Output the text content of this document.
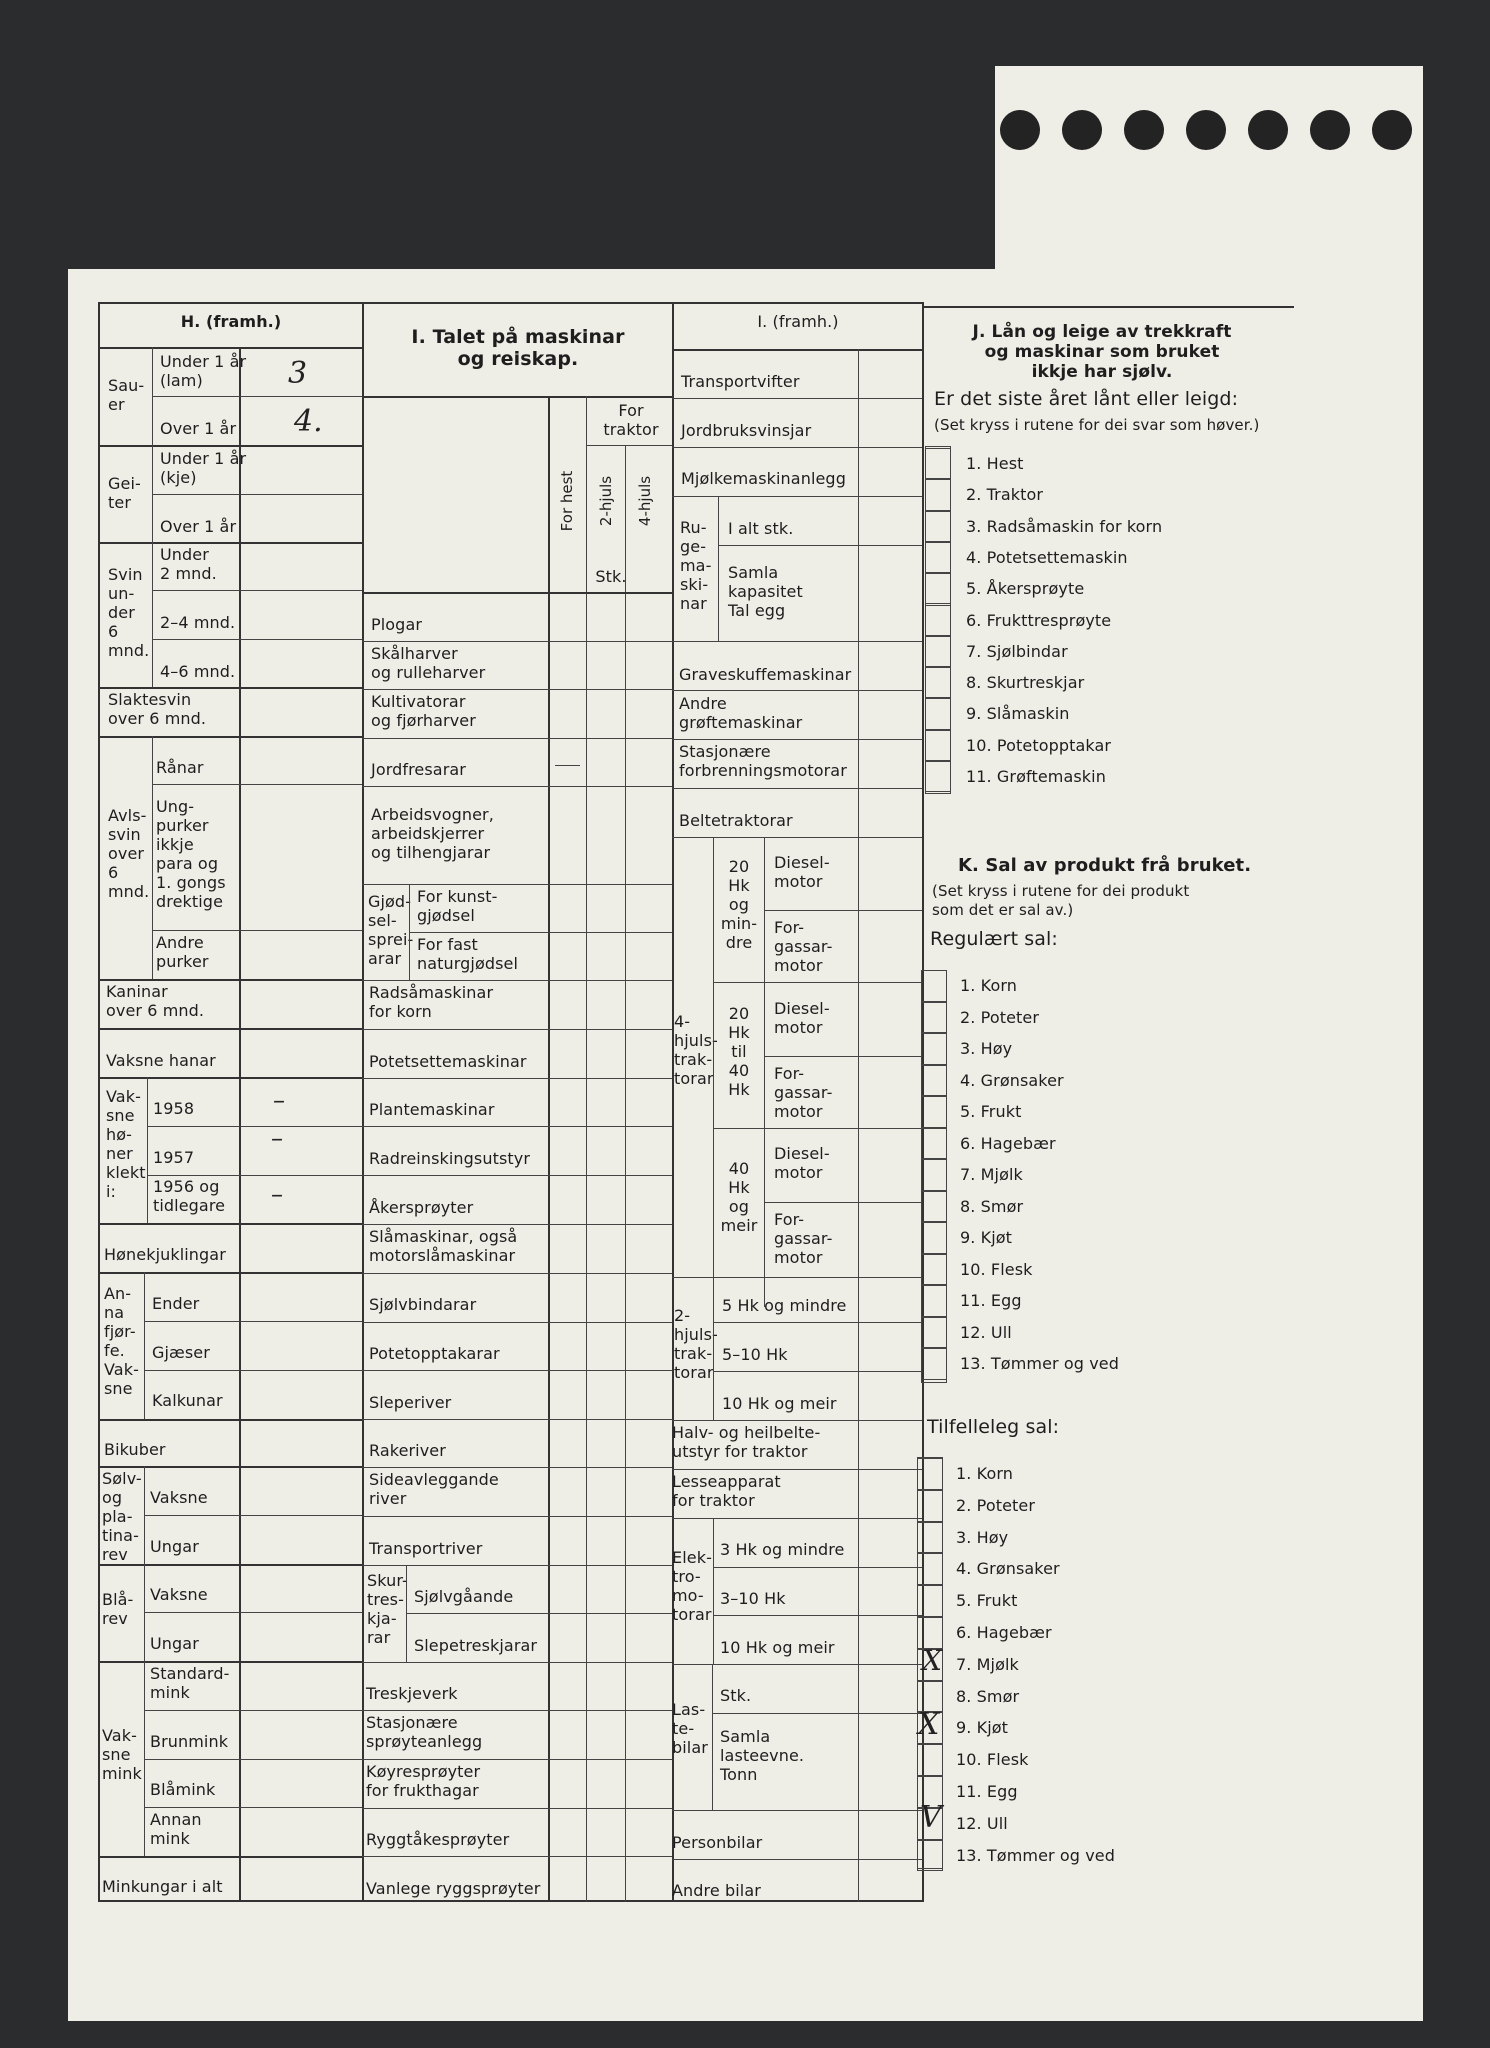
H. (framh.)
Sau-
er
Under 1 år
(lam)
Over 1 år
3
4.
Gei-
ter
Under 1 år
(kje)
Over 1 år
Svin
un-
der
6
mnd.
Under
2 mnd.
2–4 mnd.
4–6 mnd.
Slaktesvin
over 6 mnd.
Avls-
svin
over
6
mnd.
Rånar
Ung-
purker
ikkje
para og
1. gongs
drektige
Andre
purker
Kaninar
over 6 mnd.
Vaksne hanar
Vak-
sne
hø-
ner
klekt
i:
1958	–
1957
–
1956 og
tidlegare –
Hønekjuklingar
An-
na
fjør-
fe.
Vak-
sne
Ender
Gjæser
Kalkunar
Bikuber
Sølv-
og
pla-
tina-
rev
Vaksne
Ungar
Blå-
rev
Vaksne
Ungar
Vak-
sne
mink
Standard-
mink
Brunmink
Blåmink
Annan
mink
Minkungar i alt
I. Talet på maskinar
og reiskap.
For
traktor
For hest 2-hjuls 4-hjuls
Stk.
Plogar
Skålharver
og rulleharver
Kultivatorar
og fjørharver
Jordfresarar
Arbeidsvogner,
arbeidskjerrer
og tilhengjarar
Gjød-
sel-
sprei-
arar
For kunst-
gjødsel
For fast
naturgjødsel
Radsåmaskinar
for korn
Potetsettemaskinar
Plantemaskinar
Radreinskingsutstyr
Åkersprøyter
Slåmaskinar, også
motorslåmaskinar
Sjølvbindarar
Potetopptakarar
Sleperiver
Rakeriver
Sideavleggande
river
Transportriver
Skur-
tres-
kja-
rar
Sjølvgåande
Slepetreskjarar
Treskjeverk
Stasjonære
sprøyteanlegg
Køyresprøyter
for frukthagar
Ryggtåkesprøyter
Vanlege ryggsprøyter
I. (framh.)
Transportvifter
Jordbruksvinsjar
Mjølkemaskinanlegg
Ru-
ge-
ma-
ski-
nar
I alt stk.
Samla
kapasitet
Tal egg
Graveskuffemaskinar
Andre
grøftemaskinar
Stasjonære
forbrenningsmotorar
Beltetraktorar
4-
hjuls-
trak-
torar
20
Hk
og
min-
dre
Diesel-
motor
For-
gassar-
motor
20
Hk
til
40
Hk
Diesel-
motor
For-
gassar-
motor
40
Hk
og
meir
Diesel-
motor
For-
gassar-
motor
2-
hjuls-
trak-
torar
5 Hk og mindre
5–10 Hk
10 Hk og meir
Halv- og heilbelte-
utstyr for traktor
Lesseapparat
for traktor
Elek-
tro-
mo-
torar
3 Hk og mindre
3–10 Hk
10 Hk og meir
Las-
te-
bilar
Stk.
Samla
lasteevne.
Tonn
Personbilar
Andre bilar
J. Lån og leige av trekkraft
og maskinar som bruket
ikkje har sjølv.
Er det siste året lånt eller leigd:
(Set kryss i rutene for dei svar som høver.)
1. Hest
2. Traktor
3. Radsåmaskin for korn
4. Potetsettemaskin
5. Åkersprøyte
6. Frukttresprøyte
7. Sjølbindar
8. Skurtreskjar
9. Slåmaskin
10. Potetopptakar
11. Grøftemaskin
K. Sal av produkt frå bruket.
(Set kryss i rutene for dei produkt
som det er sal av.)
Regulært sal:
1. Korn
2. Poteter
3. Høy
4. Grønsaker
5. Frukt
6. Hagebær
7. Mjølk
8. Smør
9. Kjøt
10. Flesk
11. Egg
12. Ull
13. Tømmer og ved
Tilfelleleg sal:
1. Korn
2. Poteter
3. Høy
4. Grønsaker
5. Frukt
6. Hagebær
7. Mjølk
8. Smør
9. Kjøt
10. Flesk
11. Egg
12. Ull
13. Tømmer og ved
X
X
V
